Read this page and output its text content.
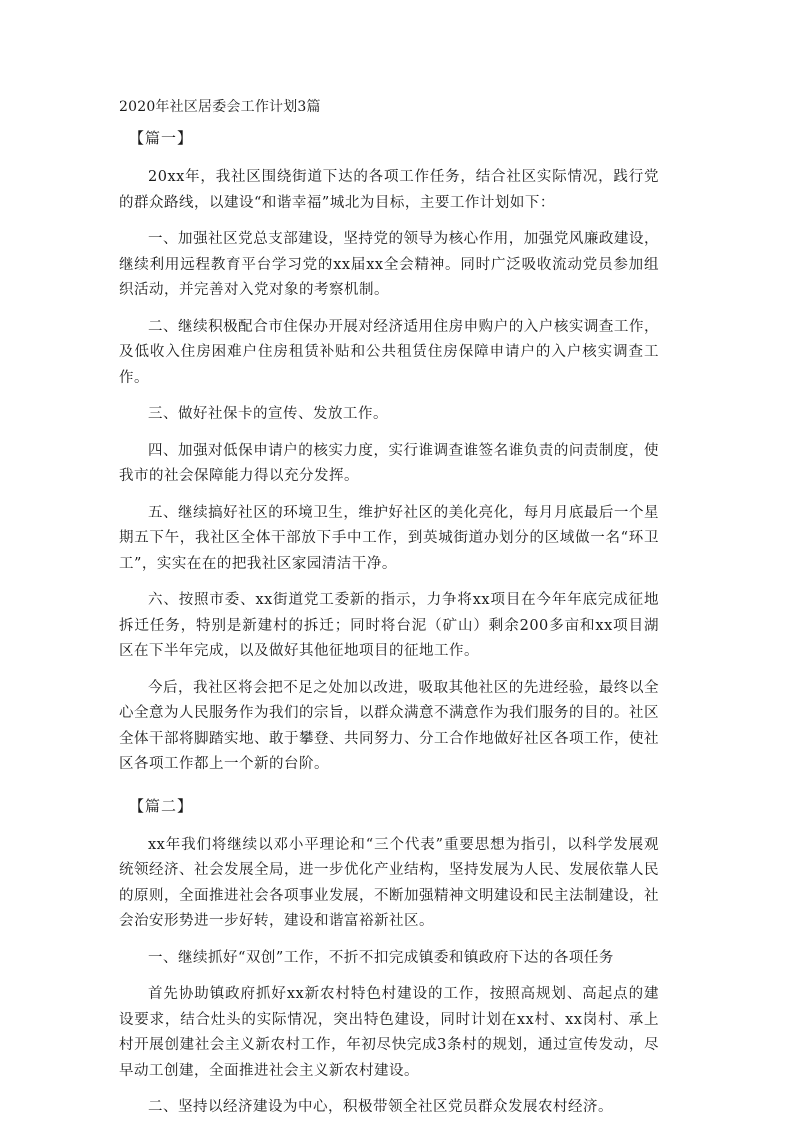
2020年社区居委会工作计划3篇
【篇一】

20xx年，我社区围绕街道下达的各项工作任务，结合社区实际情况，践行党的群众路线，以建设“和谐幸福”城北为目标，主要工作计划如下：

一、加强社区党总支部建设，坚持党的领导为核心作用，加强党风廉政建设，继续利用远程教育平台学习党的xx届xx全会精神。同时广泛吸收流动党员参加组织活动，并完善对入党对象的考察机制。

二、继续积极配合市住保办开展对经济适用住房申购户的入户核实调查工作，及低收入住房困难户住房租赁补贴和公共租赁住房保障申请户的入户核实调查工作。

三、做好社保卡的宣传、发放工作。

四、加强对低保申请户的核实力度，实行谁调查谁签名谁负责的问责制度，使我市的社会保障能力得以充分发挥。

五、继续搞好社区的环境卫生，维护好社区的美化亮化，每月月底最后一个星期五下午，我社区全体干部放下手中工作，到英城街道办划分的区域做一名“环卫工”，实实在在的把我社区家园清洁干净。

六、按照市委、xx街道党工委新的指示，力争将xx项目在今年年底完成征地拆迁任务，特别是新建村的拆迁；同时将台泥（矿山）剩余200多亩和xx项目湖区在下半年完成，以及做好其他征地项目的征地工作。

今后，我社区将会把不足之处加以改进，吸取其他社区的先进经验，最终以全心全意为人民服务作为我们的宗旨，以群众满意不满意作为我们服务的目的。社区全体干部将脚踏实地、敢于攀登、共同努力、分工合作地做好社区各项工作，使社区各项工作都上一个新的台阶。

【篇二】

xx年我们将继续以邓小平理论和“三个代表”重要思想为指引，以科学发展观统领经济、社会发展全局，进一步优化产业结构，坚持发展为人民、发展依靠人民的原则，全面推进社会各项事业发展，不断加强精神文明建设和民主法制建设，社会治安形势进一步好转，建设和谐富裕新社区。

一、继续抓好“双创”工作，不折不扣完成镇委和镇政府下达的各项任务

首先协助镇政府抓好xx新农村特色村建设的工作，按照高规划、高起点的建设要求，结合灶头的实际情况，突出特色建设，同时计划在xx村、xx岗村、承上村开展创建社会主义新农村工作，年初尽快完成3条村的规划，通过宣传发动，尽早动工创建，全面推进社会主义新农村建设。

二、坚持以经济建设为中心，积极带领全社区党员群众发展农村经济。
